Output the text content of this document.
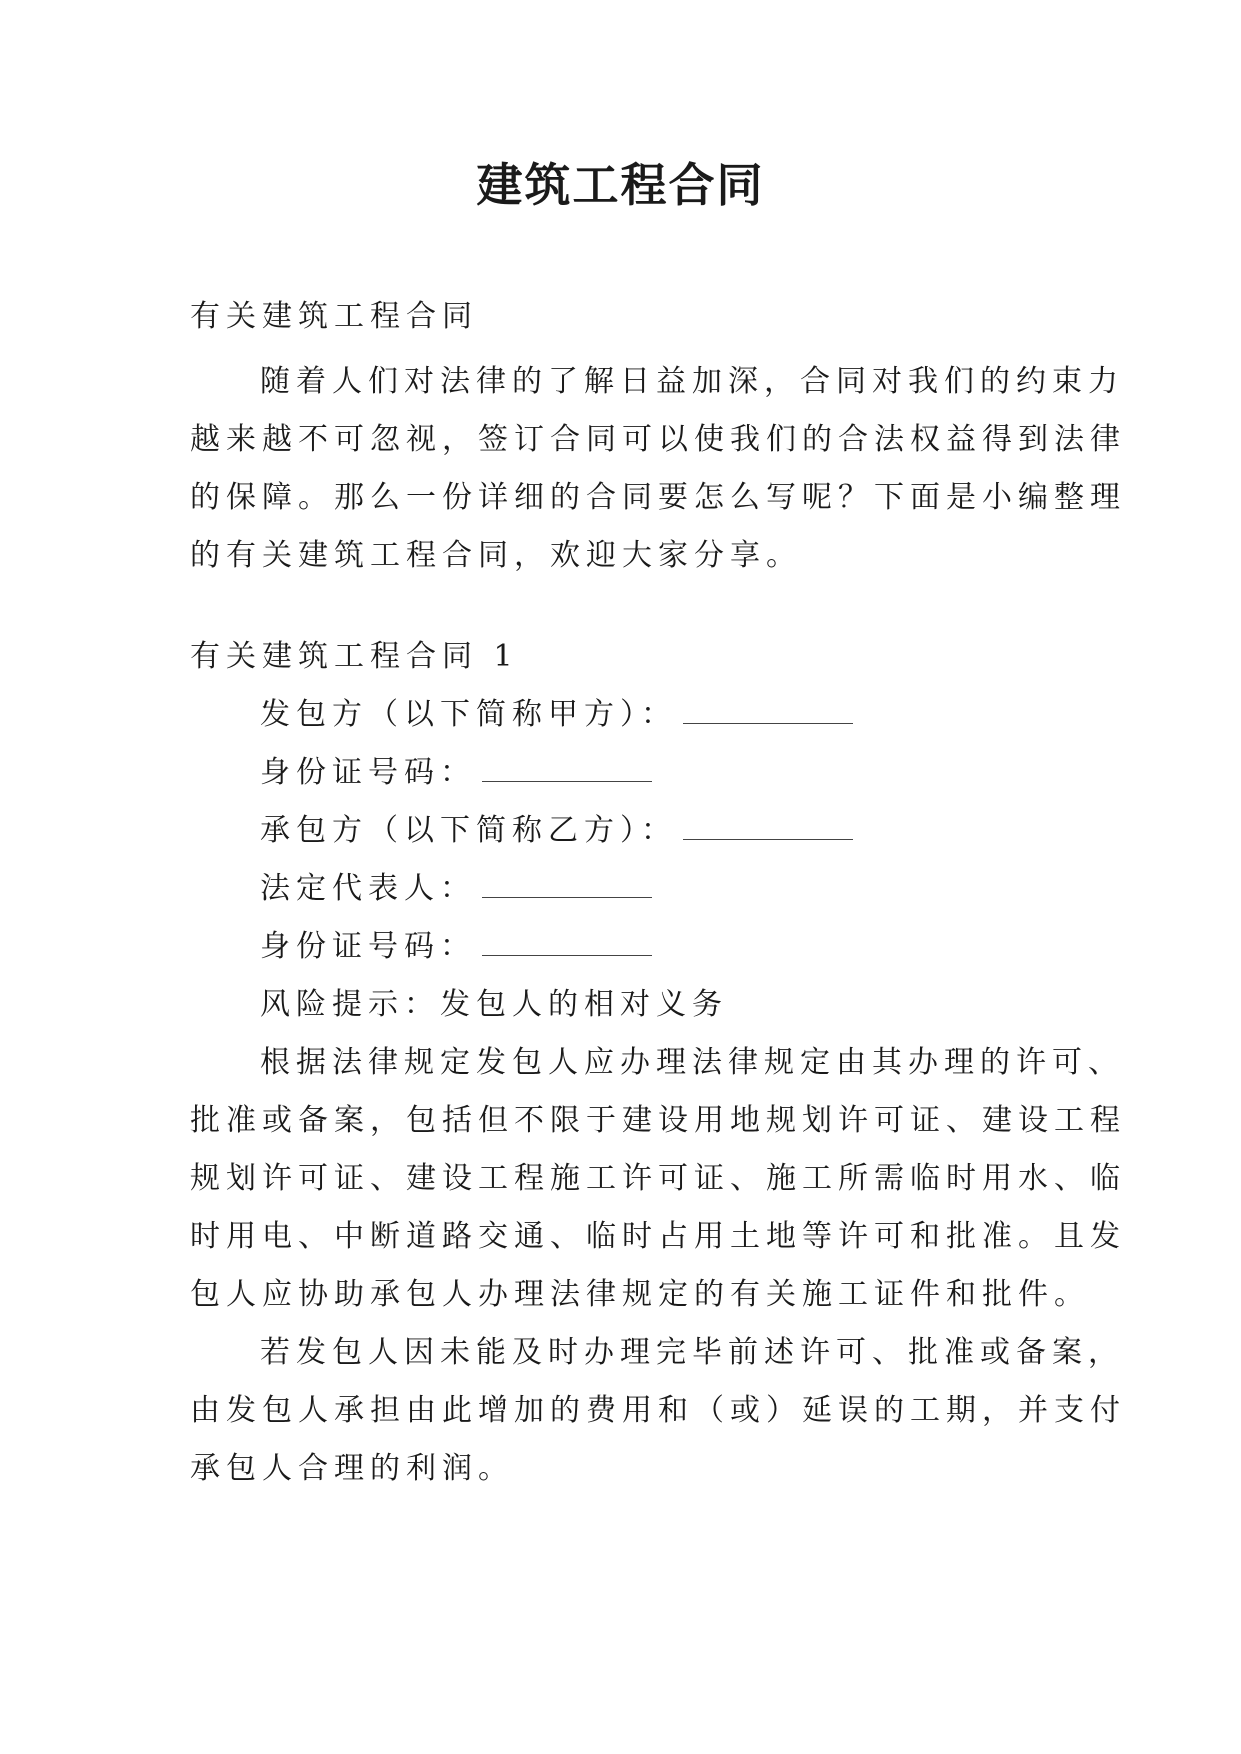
建筑工程合同
有关建筑工程合同
随着人们对法律的了解日益加深，合同对我们的约束力
越来越不可忽视，签订合同可以使我们的合法权益得到法律
的保障。那么一份详细的合同要怎么写呢？下面是小编整理
的有关建筑工程合同，欢迎大家分享。
有关建筑工程合同 1
发包方（以下简称甲方）：
身份证号码：
承包方（以下简称乙方）：
法定代表人：
身份证号码：
风险提示：发包人的相对义务
根据法律规定发包人应办理法律规定由其办理的许可、
批准或备案，包括但不限于建设用地规划许可证、建设工程
规划许可证、建设工程施工许可证、施工所需临时用水、临
时用电、中断道路交通、临时占用土地等许可和批准。且发
包人应协助承包人办理法律规定的有关施工证件和批件。
若发包人因未能及时办理完毕前述许可、批准或备案，
由发包人承担由此增加的费用和（或）延误的工期，并支付
承包人合理的利润。
